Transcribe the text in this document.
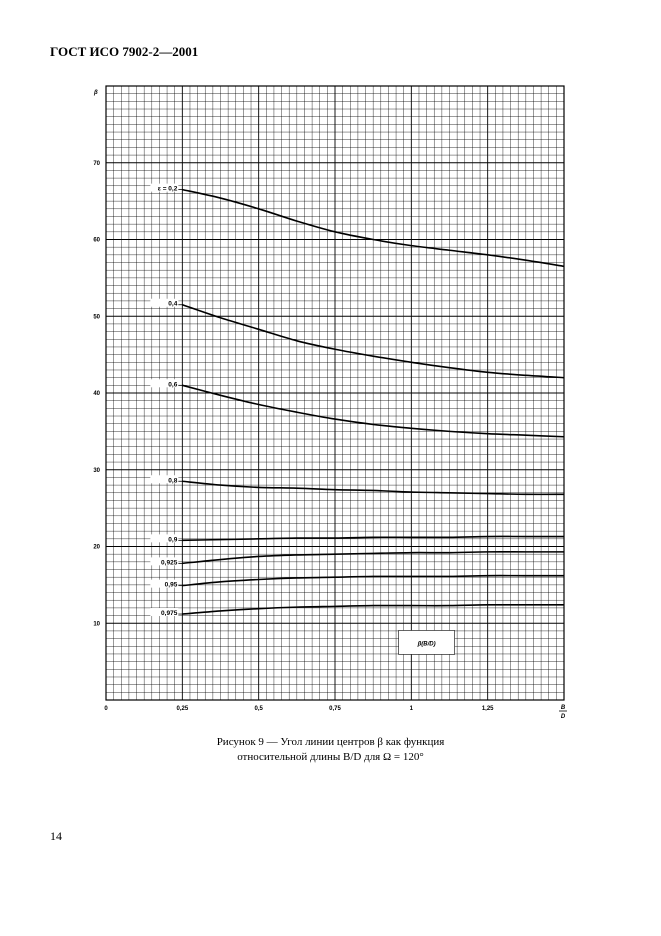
ГОСТ ИСО 7902-2—2001
10
20
30
40
50
60
70
0	0,25	0,5	0,75	1	1,25
ε = 0,2
0,4
0,6
0,8
0,9
0,925
0,95
0,975
β(B/D)
β
B
D
Рисунок 9 — Угол линии центров β как функция
относительной длины B/D для Ω = 120°
14
